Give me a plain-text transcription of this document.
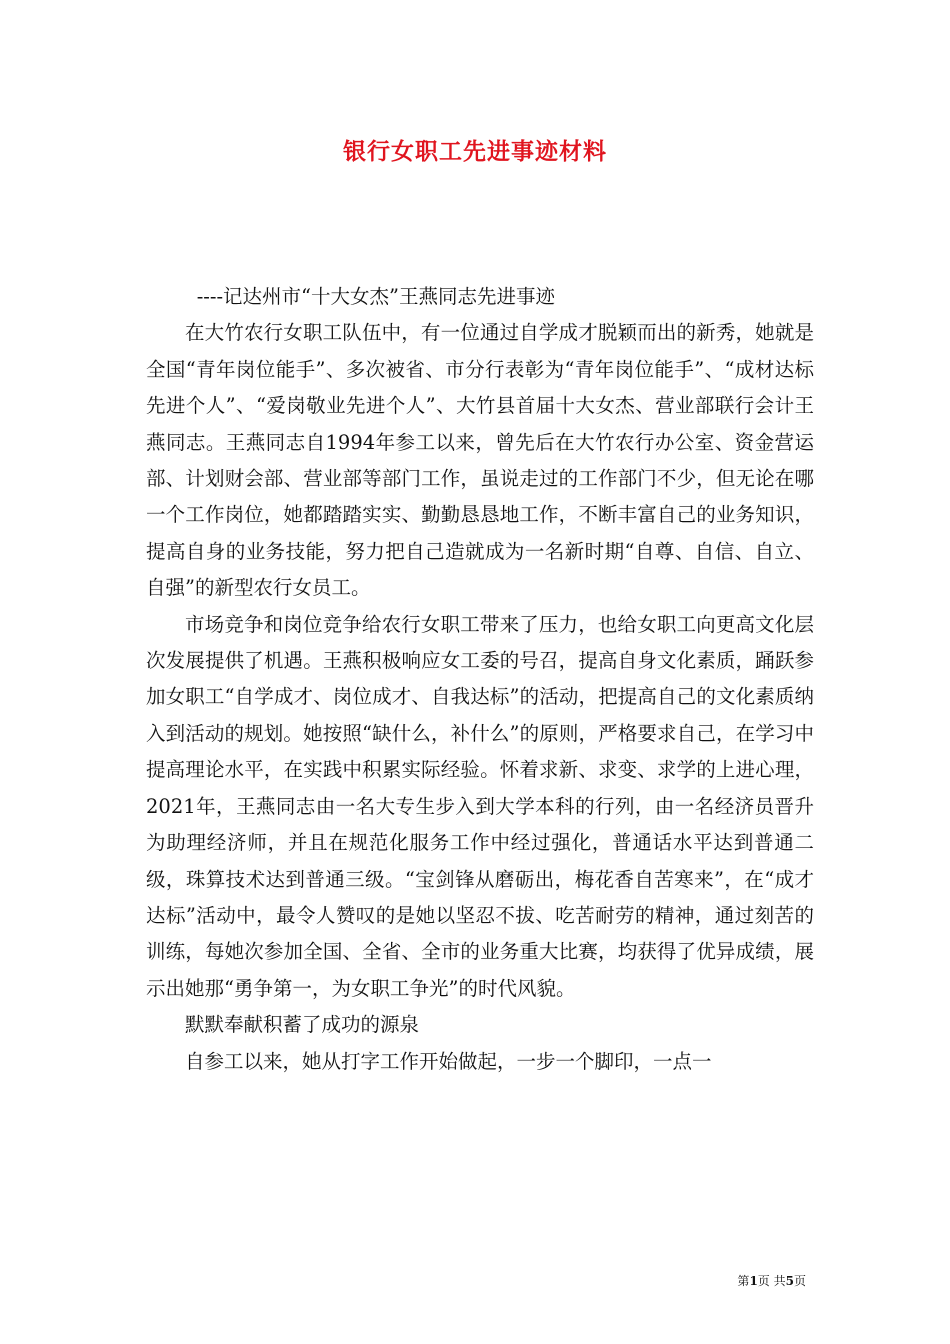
银行女职工先进事迹材料

----记达州市“十大女杰”王燕同志先进事迹

在大竹农行女职工队伍中，有一位通过自学成才脱颖而出的新秀，她就是全国“青年岗位能手”、多次被省、市分行表彰为“青年岗位能手”、“成材达标先进个人”、“爱岗敬业先进个人”、大竹县首届十大女杰、营业部联行会计王燕同志。王燕同志自1994年参工以来，曾先后在大竹农行办公室、资金营运部、计划财会部、营业部等部门工作，虽说走过的工作部门不少，但无论在哪一个工作岗位，她都踏踏实实、勤勤恳恳地工作，不断丰富自己的业务知识，提高自身的业务技能，努力把自己造就成为一名新时期“自尊、自信、自立、自强”的新型农行女员工。

市场竞争和岗位竞争给农行女职工带来了压力，也给女职工向更高文化层次发展提供了机遇。王燕积极响应女工委的号召，提高自身文化素质，踊跃参加女职工“自学成才、岗位成才、自我达标”的活动，把提高自己的文化素质纳入到活动的规划。她按照“缺什么，补什么”的原则，严格要求自己，在学习中提高理论水平，在实践中积累实际经验。怀着求新、求变、求学的上进心理，2021年，王燕同志由一名大专生步入到大学本科的行列，由一名经济员晋升为助理经济师，并且在规范化服务工作中经过强化，普通话水平达到普通二级，珠算技术达到普通三级。“宝剑锋从磨砺出，梅花香自苦寒来”，在“成才达标”活动中，最令人赞叹的是她以坚忍不拔、吃苦耐劳的精神，通过刻苦的训练，每她次参加全国、全省、全市的业务重大比赛，均获得了优异成绩，展示出她那“勇争第一，为女职工争光”的时代风貌。

默默奉献积蓄了成功的源泉

自参工以来，她从打字工作开始做起，一步一个脚印，一点一

第1页 共5页
